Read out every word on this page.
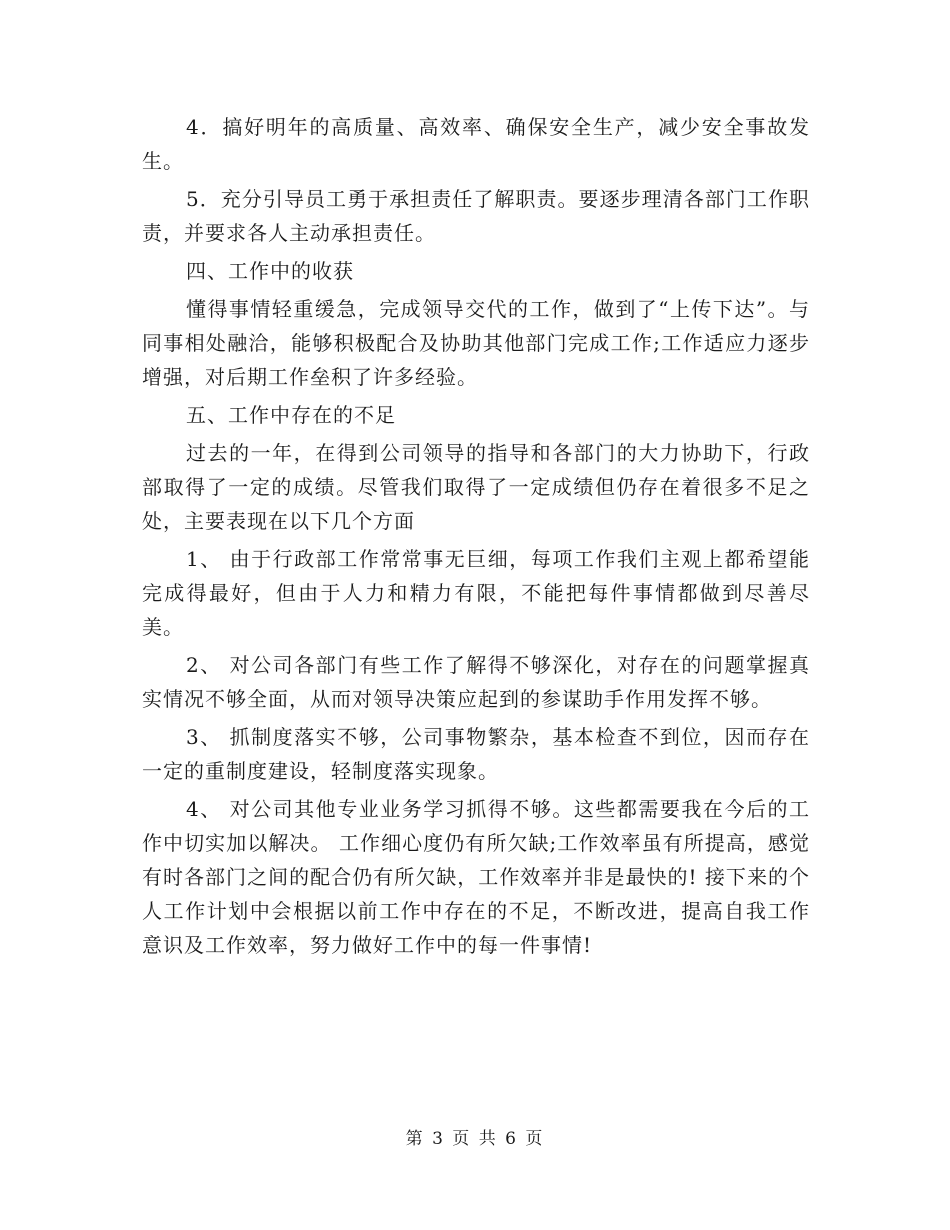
4．搞好明年的高质量、高效率、确保安全生产，减少安全事故发生。

5．充分引导员工勇于承担责任了解职责。要逐步理清各部门工作职责，并要求各人主动承担责任。

四、工作中的收获

懂得事情轻重缓急，完成领导交代的工作，做到了“上传下达”。与同事相处融洽，能够积极配合及协助其他部门完成工作;工作适应力逐步增强，对后期工作垒积了许多经验。

五、工作中存在的不足

过去的一年，在得到公司领导的指导和各部门的大力协助下，行政部取得了一定的成绩。尽管我们取得了一定成绩但仍存在着很多不足之处，主要表现在以下几个方面

1、 由于行政部工作常常事无巨细，每项工作我们主观上都希望能完成得最好，但由于人力和精力有限，不能把每件事情都做到尽善尽美。

2、 对公司各部门有些工作了解得不够深化，对存在的问题掌握真实情况不够全面，从而对领导决策应起到的参谋助手作用发挥不够。

3、 抓制度落实不够，公司事物繁杂，基本检查不到位，因而存在一定的重制度建设，轻制度落实现象。

4、 对公司其他专业业务学习抓得不够。这些都需要我在今后的工作中切实加以解决。 工作细心度仍有所欠缺;工作效率虽有所提高，感觉有时各部门之间的配合仍有所欠缺，工作效率并非是最快的! 接下来的个人工作计划中会根据以前工作中存在的不足，不断改进，提高自我工作意识及工作效率，努力做好工作中的每一件事情!

第 3 页 共 6 页
